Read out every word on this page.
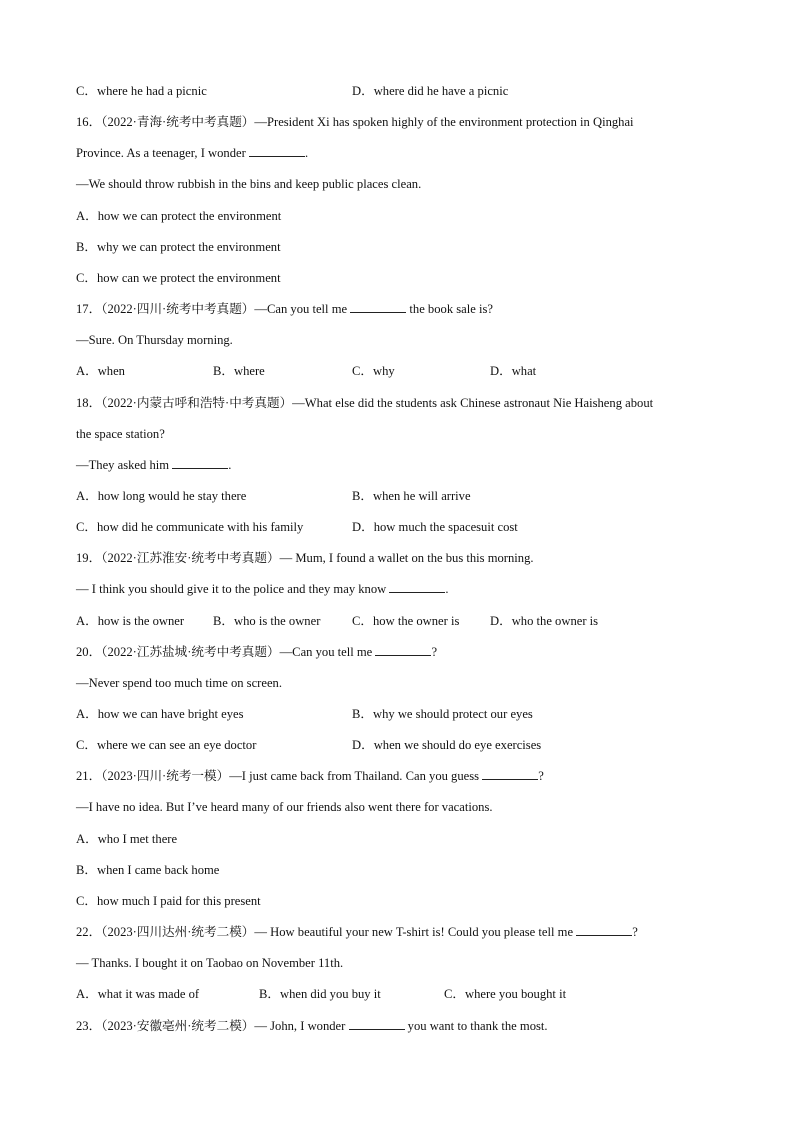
C．where he had a picnic	D．where did he have a picnic
16．（2022·青海·统考中考真题）—President Xi has spoken highly of the environment protection in Qinghai
Province. As a teenager, I wonder	.
—We should throw rubbish in the bins and keep public places clean.
A．how we can protect the environment
B．why we can protect the environment
C．how can we protect the environment
17．（2022·四川·统考中考真题）—Can you tell me	the book sale is?
—Sure. On Thursday morning.
A．when	B．where	C．why	D．what
18．（2022·内蒙古呼和浩特·中考真题）—What else did the students ask Chinese astronaut Nie Haisheng about
the space station?
—They asked him	.
A．how long would he stay there	B．when he will arrive
C．how did he communicate with his family	D．how much the spacesuit cost
19．（2022·江苏淮安·统考中考真题）— Mum, I found a wallet on the bus this morning.
— I think you should give it to the police and they may know	.
A．how is the owner B．who is the owner	C．how the owner is D．who the owner is
20．（2022·江苏盐城·统考中考真题）—Can you tell me	?
—Never spend too much time on screen.
A．how we can have bright eyes	B．why we should protect our eyes
C．where we can see an eye doctor	D．when we should do eye exercises
21．（2023·四川·统考一模）—I just came back from Thailand. Can you guess	?
—I have no idea. But I’ve heard many of our friends also went there for vacations.
A．who I met there
B．when I came back home
C．how much I paid for this present
22．（2023·四川达州·统考二模）— How beautiful your new T-shirt is! Could you please tell me	?
— Thanks. I bought it on Taobao on November 11th.
A．what it was made of	B．when did you buy it	C．where you bought it
23．（2023·安徽亳州·统考二模）— John, I wonder	you want to thank the most.
